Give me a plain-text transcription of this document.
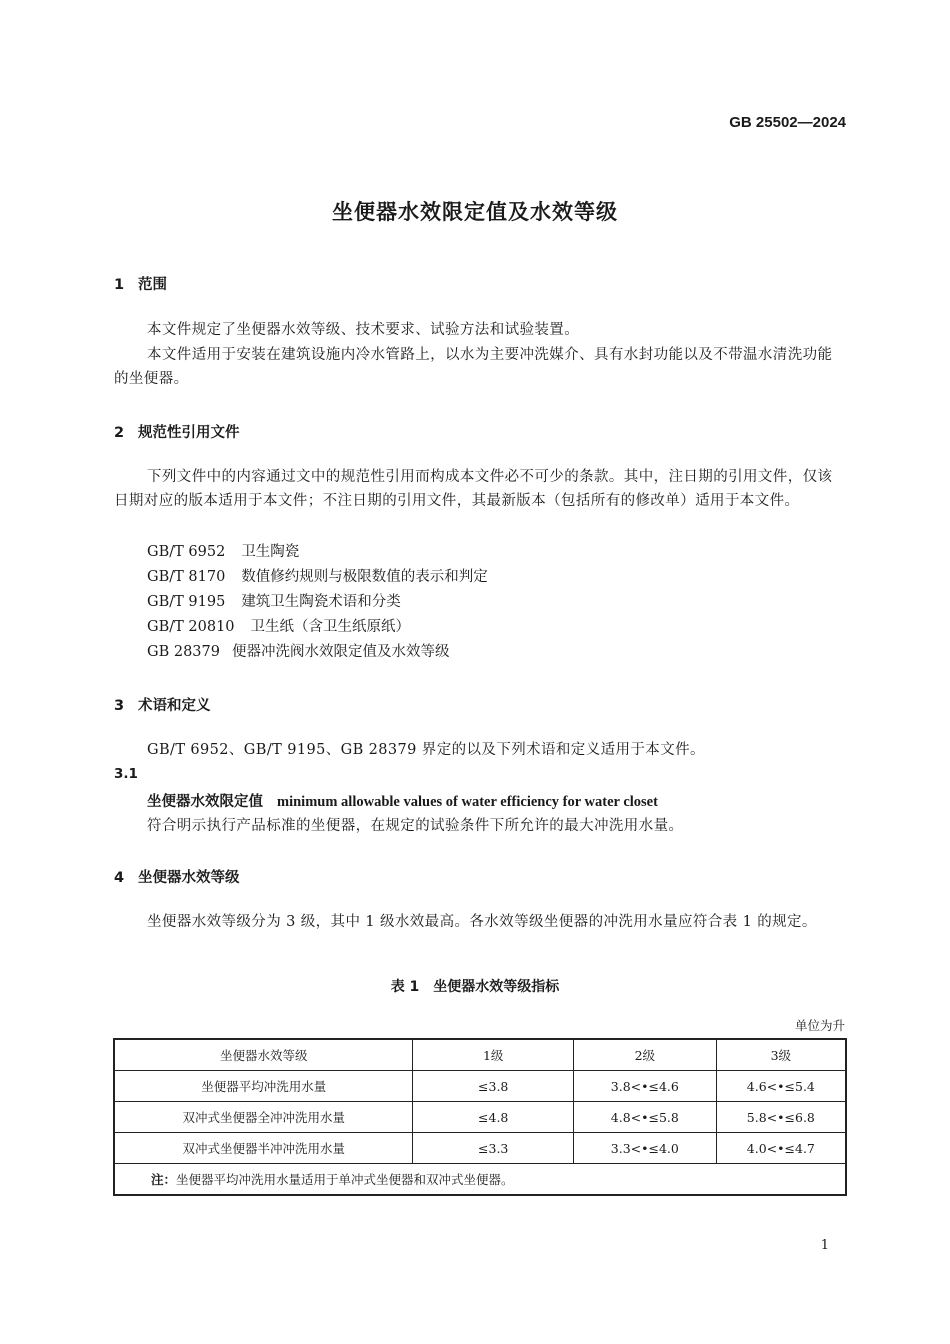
GB 25502—2024
坐便器水效限定值及水效等级
1 范围
本文件规定了坐便器水效等级、技术要求、试验方法和试验装置。
本文件适用于安装在建筑设施内冷水管路上，以水为主要冲洗媒介、具有水封功能以及不带温水清洗功能的坐便器。
2 规范性引用文件
下列文件中的内容通过文中的规范性引用而构成本文件必不可少的条款。其中，注日期的引用文件，仅该日期对应的版本适用于本文件；不注日期的引用文件，其最新版本（包括所有的修改单）适用于本文件。
GB/T 6952 卫生陶瓷
GB/T 8170 数值修约规则与极限数值的表示和判定
GB/T 9195 建筑卫生陶瓷术语和分类
GB/T 20810 卫生纸（含卫生纸原纸）
GB 28379 便器冲洗阀水效限定值及水效等级
3 术语和定义
GB/T 6952、GB/T 9195、GB 28379 界定的以及下列术语和定义适用于本文件。
3.1
坐便器水效限定值 minimum allowable values of water efficiency for water closet
符合明示执行产品标准的坐便器，在规定的试验条件下所允许的最大冲洗用水量。
4 坐便器水效等级
坐便器水效等级分为 3 级，其中 1 级水效最高。各水效等级坐便器的冲洗用水量应符合表 1 的规定。
表 1　坐便器水效等级指标
单位为升
坐便器水效等级	1级	2级	3级
坐便器平均冲洗用水量	≤3.8	3.8<•≤4.6	4.6<•≤5.4
双冲式坐便器全冲冲洗用水量	≤4.8	4.8<•≤5.8	5.8<•≤6.8
双冲式坐便器半冲冲洗用水量	≤3.3	3.3<•≤4.0	4.0<•≤4.7
注：坐便器平均冲洗用水量适用于单冲式坐便器和双冲式坐便器。			
1
